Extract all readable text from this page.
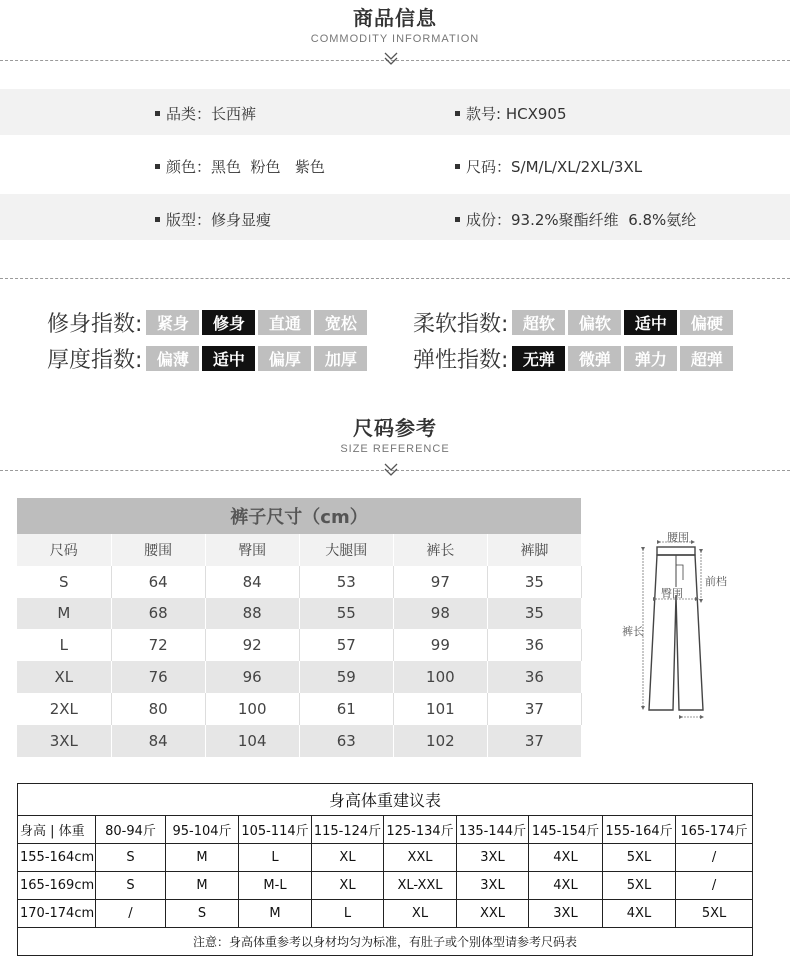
商品信息
COMMODITY INFORMATION
品类：长西裤	款号: HCX905
颜色：黑色  粉色   紫色	尺码：S/M/L/XL/2XL/3XL
版型：修身显瘦	成份：93.2%聚酯纤维  6.8%氨纶
修身指数: 紧身	修身	直通	宽松	柔软指数: 超软	偏软	适中	偏硬
厚度指数: 偏薄	适中	偏厚	加厚	弹性指数: 无弹	微弹	弹力	超弹
尺码参考
SIZE REFERENCE
裤子尺寸（cm）					
尺码	腰围	臀围	大腿围	裤长	裤脚
S	64	84	53	97	35
M	68	88	55	98	35
L	72	92	57	99	36
XL	76	96	59	100	36
2XL	80	100	61	101	37
3XL	84	104	63	102	37
腰围
前档
臀围
裤长
身高体重建议表									
身高 | 体重	80-94斤	95-104斤	105-114斤	115-124斤	125-134斤	135-144斤	145-154斤	155-164斤	165-174斤
155-164cm	S	M	L	XL	XXL	3XL	4XL	5XL	/
165-169cm	S	M	M-L	XL	XL-XXL	3XL	4XL	5XL	/
170-174cm	/	S	M	L	XL	XXL	3XL	4XL	5XL
注意：身高体重参考以身材均匀为标准，有肚子或个别体型请参考尺码表									
